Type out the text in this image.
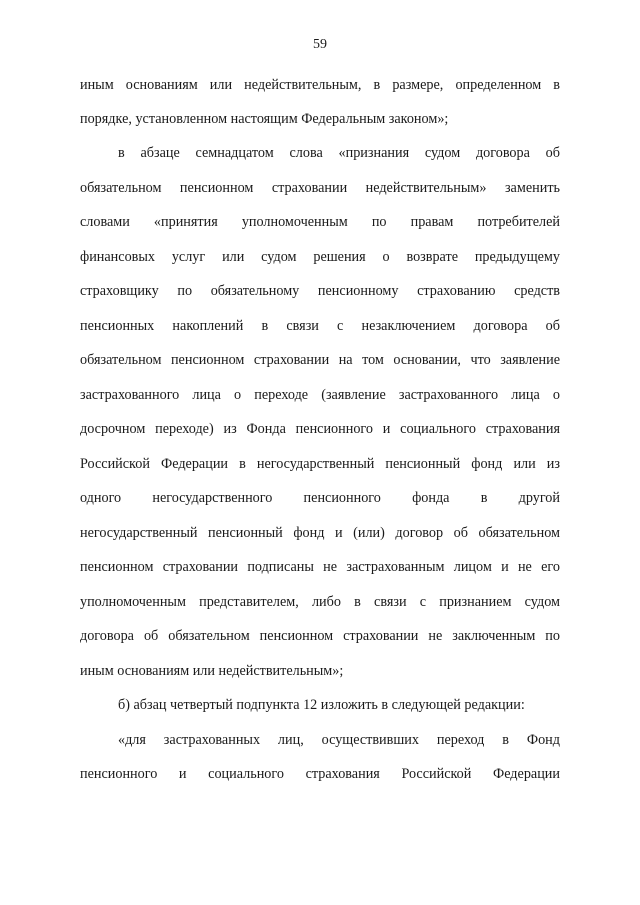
59
иным основаниям или недействительным, в размере, определенном в
порядке, установленном настоящим Федеральным законом»;
в абзаце семнадцатом слова «признания судом договора об
обязательном пенсионном страховании недействительным» заменить
словами «принятия уполномоченным по правам потребителей
финансовых услуг или судом решения о возврате предыдущему
страховщику по обязательному пенсионному страхованию средств
пенсионных накоплений в связи с незаключением договора об
обязательном пенсионном страховании на том основании, что заявление
застрахованного лица о переходе (заявление застрахованного лица о
досрочном переходе) из Фонда пенсионного и социального страхования
Российской Федерации в негосударственный пенсионный фонд или из
одного негосударственного пенсионного фонда в другой
негосударственный пенсионный фонд и (или) договор об обязательном
пенсионном страховании подписаны не застрахованным лицом и не его
уполномоченным представителем, либо в связи с признанием судом
договора об обязательном пенсионном страховании не заключенным по
иным основаниям или недействительным»;
б) абзац четвертый подпункта 12 изложить в следующей редакции:
«для застрахованных лиц, осуществивших переход в Фонд
пенсионного и социального страхования Российской Федерации
